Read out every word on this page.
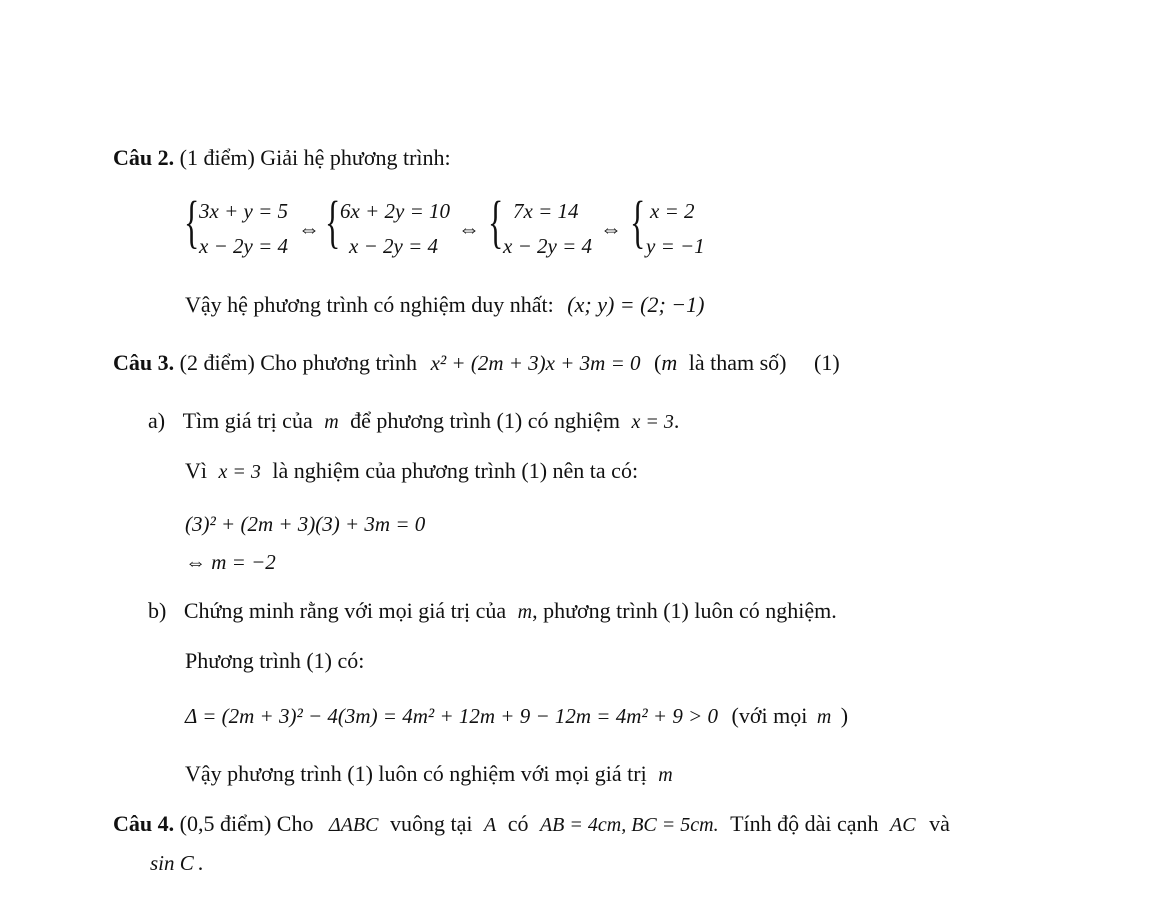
Câu 2. (1 điểm) Giải hệ phương trình:
{ 3x + y = 5
x − 2y = 4
⇔ { 6x + 2y = 10
x − 2y = 4
⇔ { 7x = 14
x − 2y = 4
⇔ { x = 2
y = −1
Vậy hệ phương trình có nghiệm duy nhất: (x; y) = (2; −1)
Câu 3. (2 điểm) Cho phương trình x² + (2m + 3)x + 3m = 0 (m là tham số) (1)
a) Tìm giá trị của m để phương trình (1) có nghiệm x = 3.
Vì x = 3 là nghiệm của phương trình (1) nên ta có:
(3)² + (2m + 3)(3) + 3m = 0
⇔ m = −2
b) Chứng minh rằng với mọi giá trị của m, phương trình (1) luôn có nghiệm.
Phương trình (1) có:
Δ = (2m + 3)² − 4(3m) = 4m² + 12m + 9 − 12m = 4m² + 9 > 0 (với mọi m )
Vậy phương trình (1) luôn có nghiệm với mọi giá trị m
Câu 4. (0,5 điểm) Cho ΔABC vuông tại A có AB = 4cm, BC = 5cm. Tính độ dài cạnh AC và
sin C .
